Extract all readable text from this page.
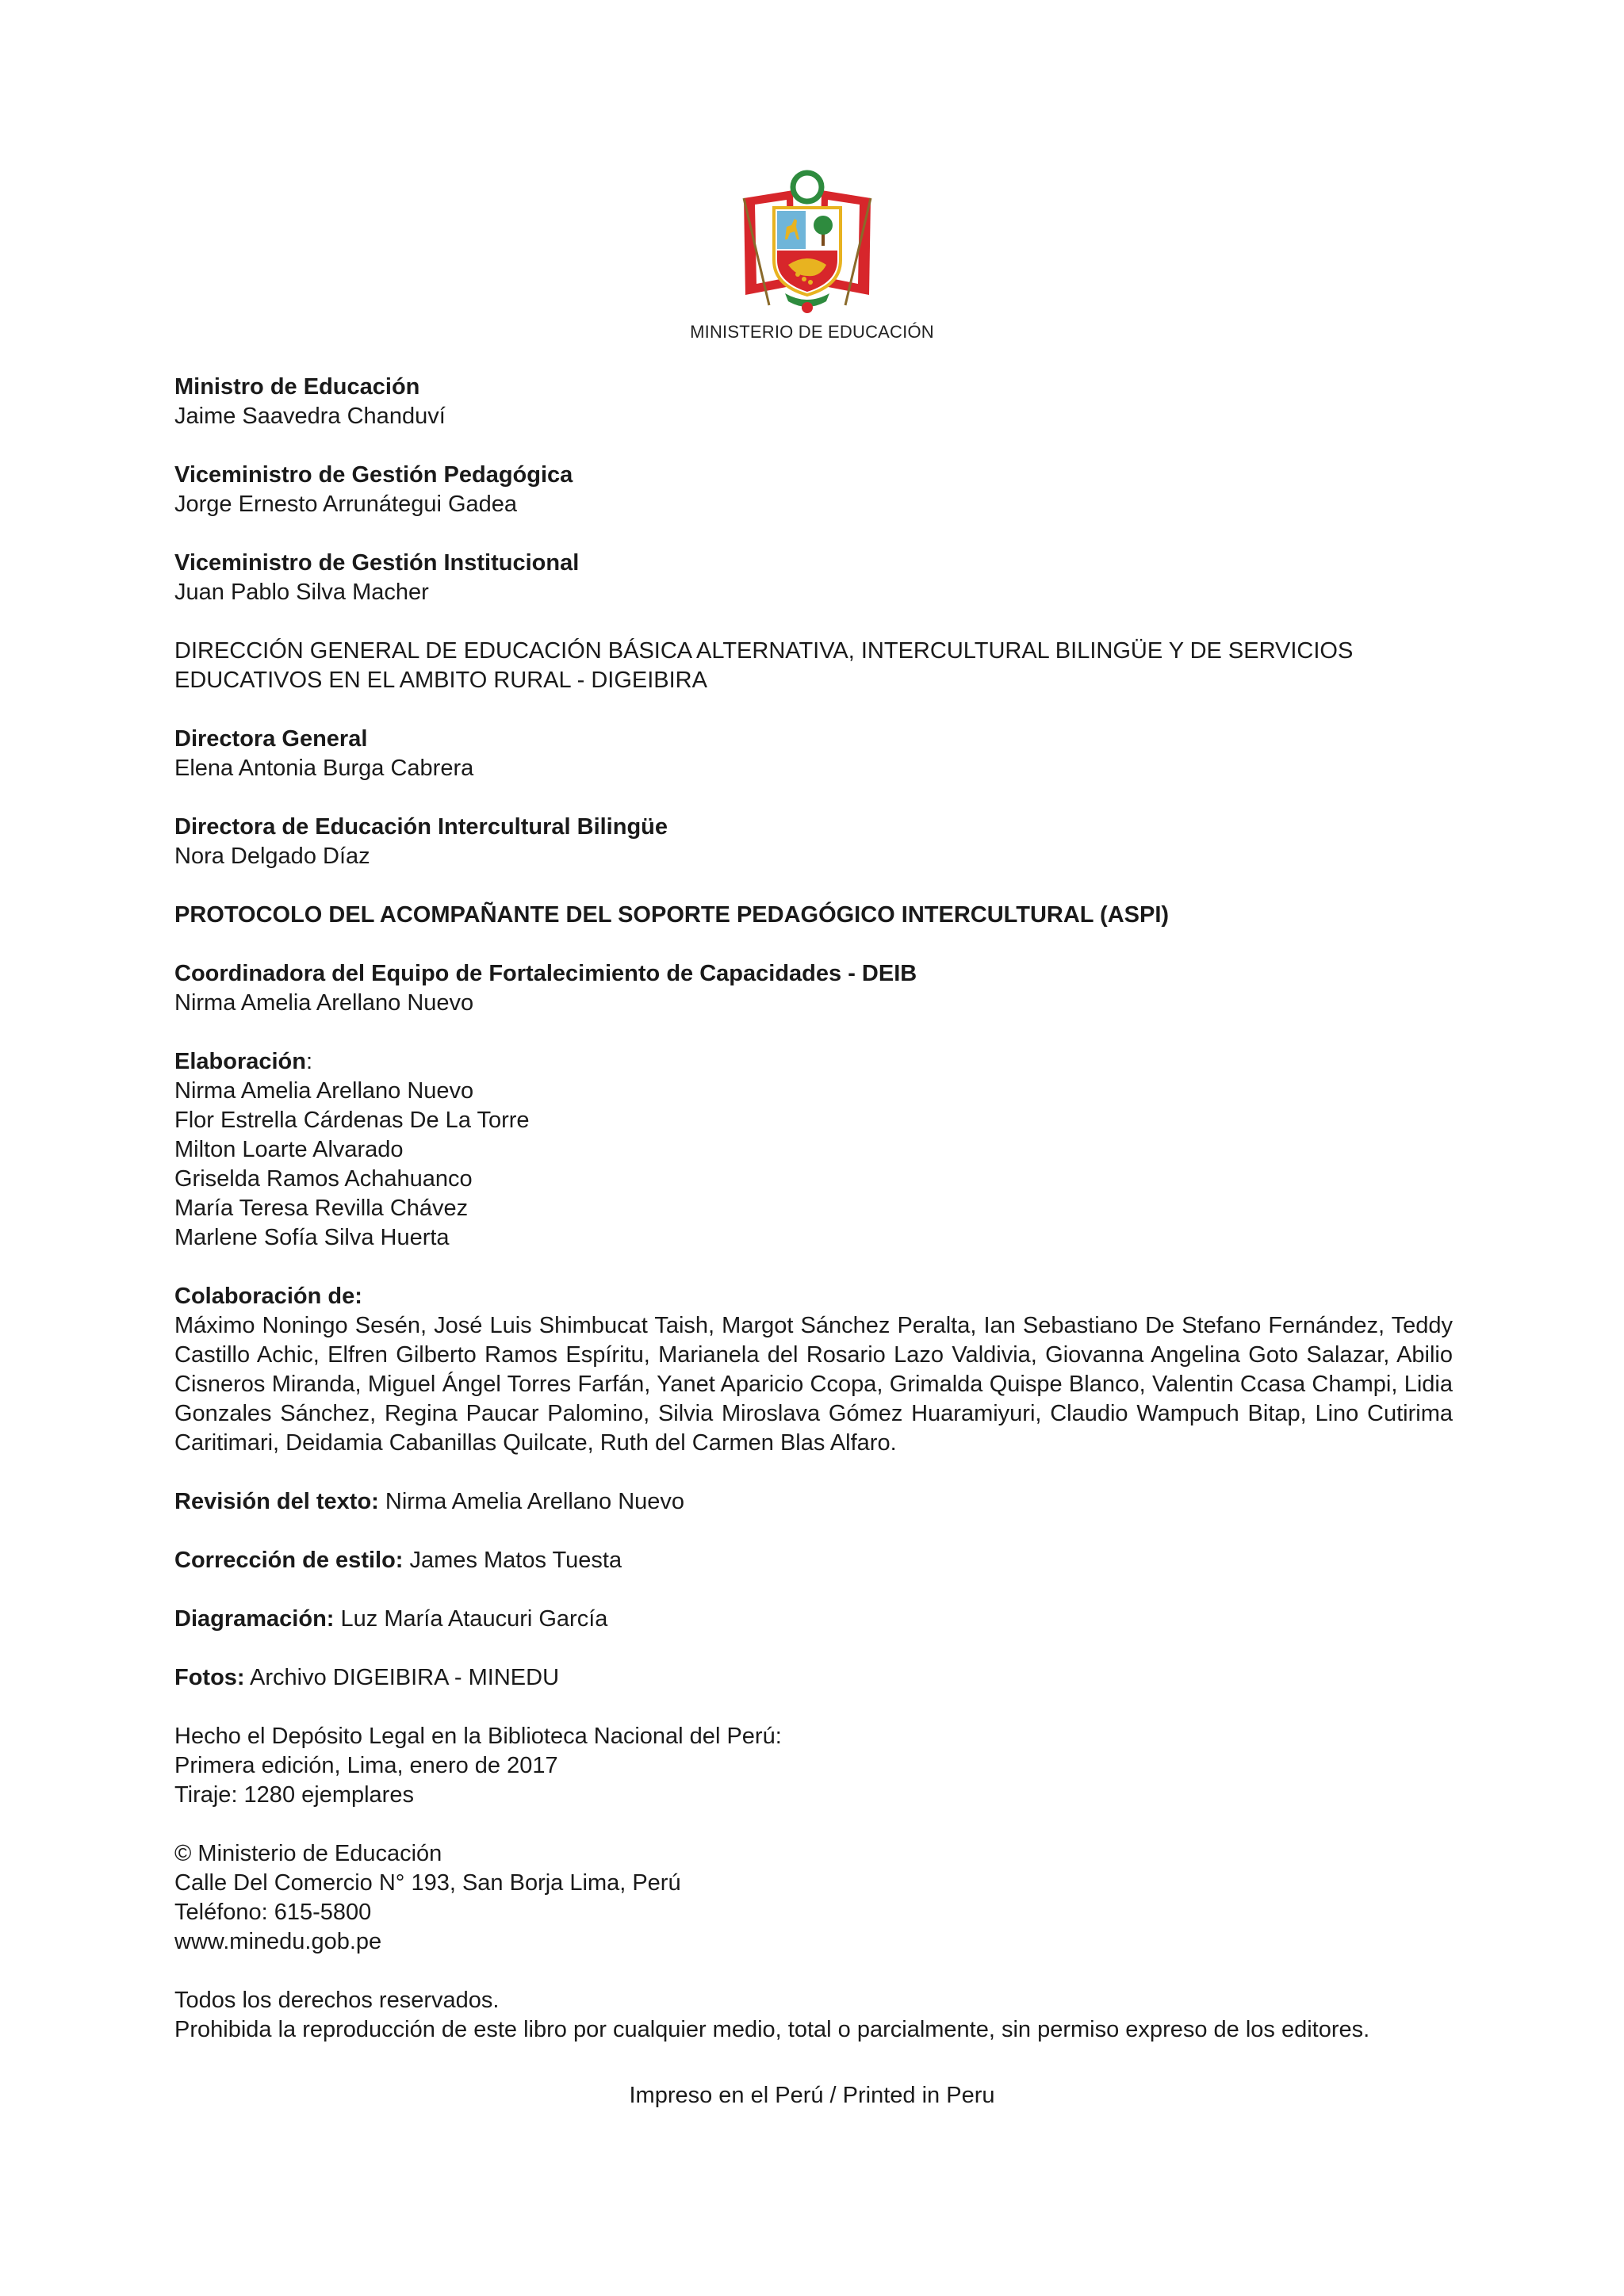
MINISTERIO DE EDUCACIÓN
Ministro de Educación
Jaime Saavedra Chanduví
Viceministro de Gestión Pedagógica
Jorge Ernesto Arrunátegui Gadea
Viceministro de Gestión Institucional
Juan Pablo Silva Macher
DIRECCIÓN GENERAL DE EDUCACIÓN BÁSICA ALTERNATIVA, INTERCULTURAL BILINGÜE Y DE SERVICIOS
EDUCATIVOS EN EL AMBITO RURAL - DIGEIBIRA
Directora General
Elena Antonia Burga Cabrera
Directora de Educación Intercultural Bilingüe
Nora Delgado Díaz
PROTOCOLO DEL ACOMPAÑANTE DEL SOPORTE PEDAGÓGICO INTERCULTURAL (ASPI)
Coordinadora del Equipo de Fortalecimiento de Capacidades - DEIB
Nirma Amelia Arellano Nuevo
Elaboración:
Nirma Amelia Arellano Nuevo
Flor Estrella Cárdenas De La Torre
Milton Loarte Alvarado
Griselda Ramos Achahuanco
María Teresa Revilla Chávez
Marlene Sofía Silva Huerta
Colaboración de:
Máximo Noningo Sesén, José Luis Shimbucat Taish, Margot Sánchez Peralta, Ian Sebastiano De Stefano Fernández, Teddy Castillo Achic, Elfren Gilberto Ramos Espíritu, Marianela del Rosario Lazo Valdivia, Giovanna Angelina Goto Salazar, Abilio Cisneros Miranda, Miguel Ángel Torres Farfán, Yanet Aparicio Ccopa, Grimalda Quispe Blanco, Valentin Ccasa Champi, Lidia Gonzales Sánchez, Regina Paucar Palomino, Silvia Miroslava Gómez Huaramiyuri, Claudio Wampuch Bitap, Lino Cutirima Caritimari, Deidamia Cabanillas Quilcate, Ruth del Carmen Blas Alfaro.
Revisión del texto: Nirma Amelia Arellano Nuevo
Corrección de estilo: James Matos Tuesta
Diagramación: Luz María Ataucuri García
Fotos: Archivo DIGEIBIRA - MINEDU
Hecho el Depósito Legal en la Biblioteca Nacional del Perú:
Primera edición, Lima, enero de 2017
Tiraje: 1280 ejemplares
© Ministerio de Educación
Calle Del Comercio N° 193, San Borja Lima, Perú
Teléfono: 615-5800
www.minedu.gob.pe
Todos los derechos reservados.
Prohibida la reproducción de este libro por cualquier medio, total o parcialmente, sin permiso expreso de los editores.
Impreso en el Perú / Printed in Peru
